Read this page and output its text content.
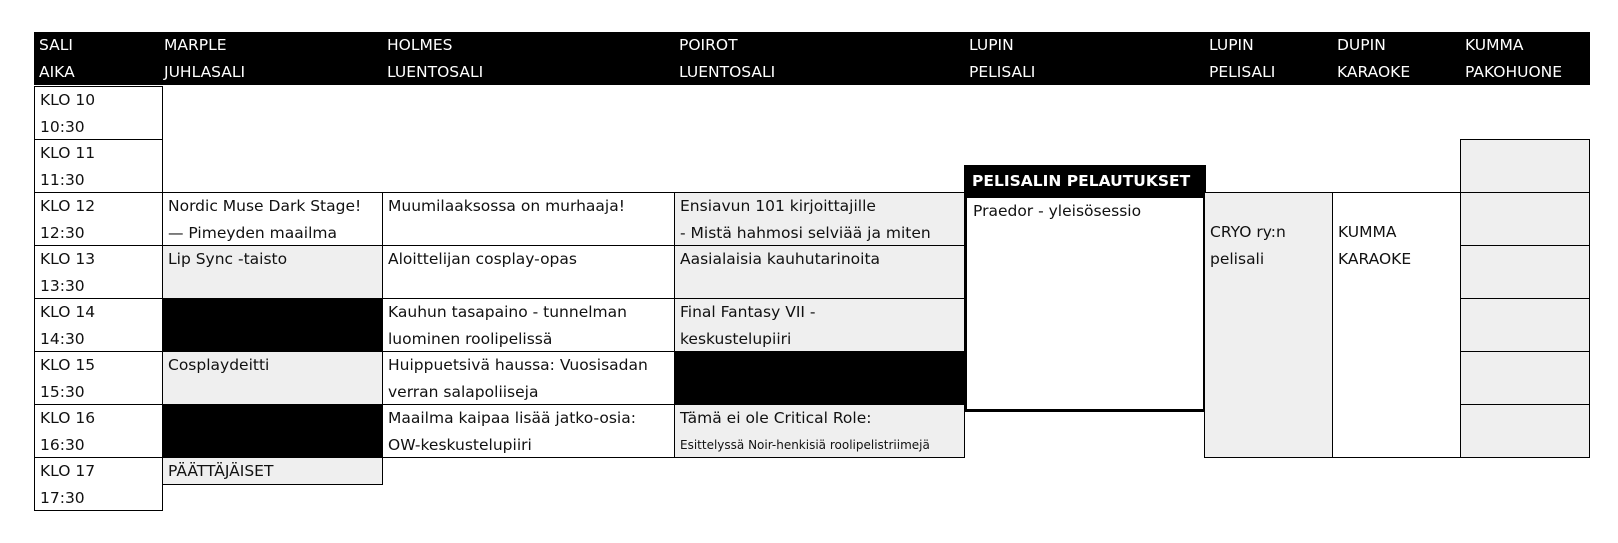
SALI
AIKA
MARPLE
JUHLASALI
HOLMES
LUENTOSALI
POIROT
LUENTOSALI
LUPIN
PELISALI
LUPIN
PELISALI
DUPIN
KARAOKE
KUMMA
PAKOHUONE
KLO 10
10:30
KLO 11
11:30
KLO 12
12:30
KLO 13
13:30
KLO 14
14:30
KLO 15
15:30
KLO 16
16:30
KLO 17
17:30
Nordic Muse Dark Stage!
— Pimeyden maailma
Lip Sync -taisto
Cosplaydeitti
PÄÄTTÄJÄISET
Muumilaaksossa on murhaaja!
Aloittelijan cosplay-opas
Kauhun tasapaino - tunnelman
luominen roolipelissä
Huippuetsivä haussa: Vuosisadan
verran salapoliiseja
Maailma kaipaa lisää jatko-osia:
OW-keskustelupiiri
Ensiavun 101 kirjoittajille
- Mistä hahmosi selviää ja miten
Aasialaisia kauhutarinoita
Final Fantasy VII -
keskustelupiiri
Tämä ei ole Critical Role:
Esittelyssä Noir-henkisiä roolipelistriimejä
PELISALIN PELAUTUKSET
Praedor - yleisösessio
CRYO ry:n
pelisali
KUMMA
KARAOKE
